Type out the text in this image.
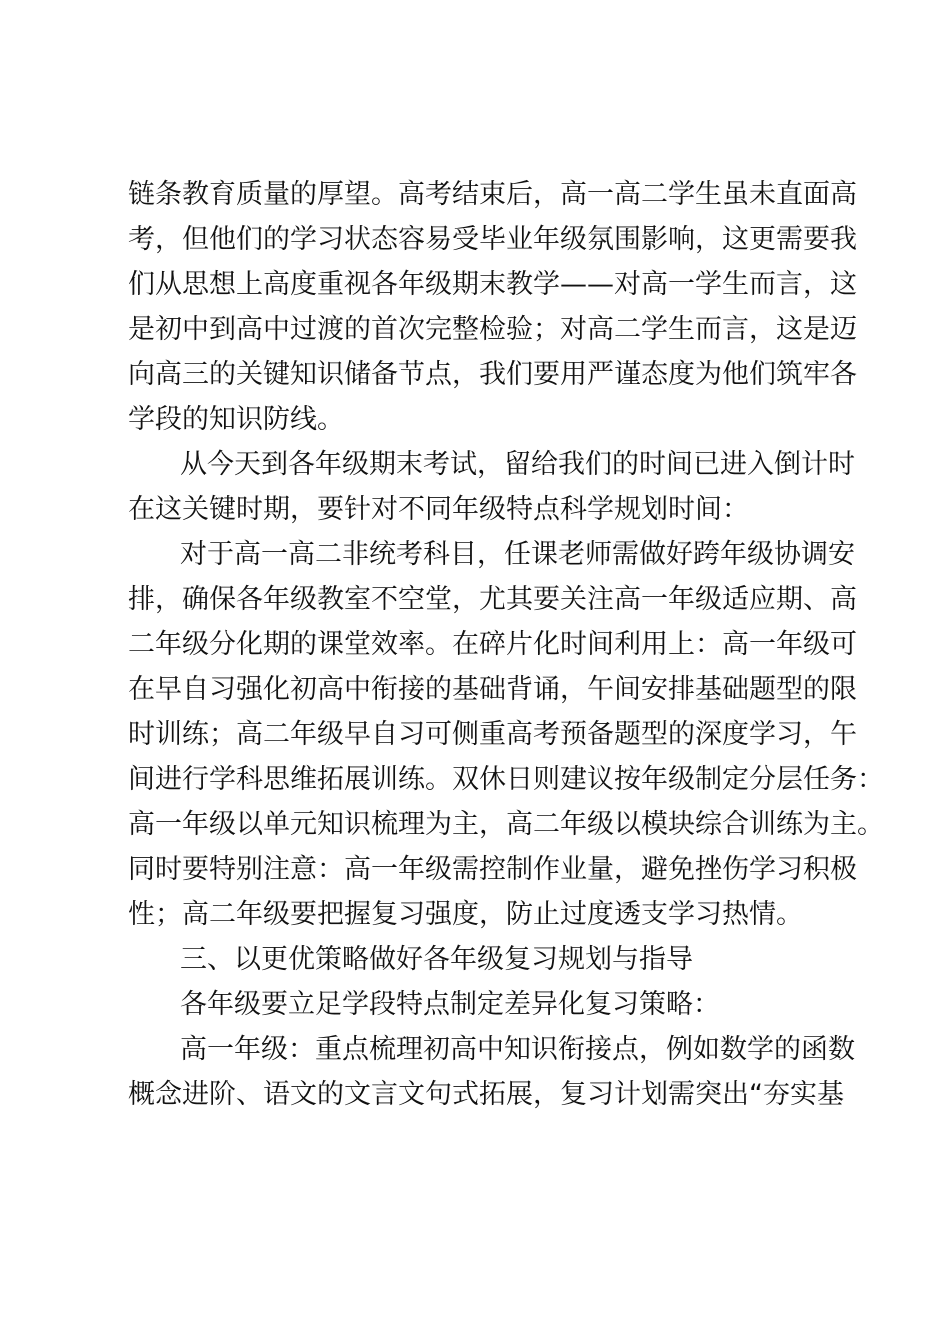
链条教育质量的厚望。高考结束后，高一高二学生虽未直面高
考，但他们的学习状态容易受毕业年级氛围影响，这更需要我
们从思想上高度重视各年级期末教学——对高一学生而言，这
是初中到高中过渡的首次完整检验；对高二学生而言，这是迈
向高三的关键知识储备节点，我们要用严谨态度为他们筑牢各
学段的知识防线。
从今天到各年级期末考试，留给我们的时间已进入倒计时
在这关键时期，要针对不同年级特点科学规划时间：
对于高一高二非统考科目，任课老师需做好跨年级协调安
排，确保各年级教室不空堂，尤其要关注高一年级适应期、高
二年级分化期的课堂效率。在碎片化时间利用上：高一年级可
在早自习强化初高中衔接的基础背诵，午间安排基础题型的限
时训练；高二年级早自习可侧重高考预备题型的深度学习，午
间进行学科思维拓展训练。双休日则建议按年级制定分层任务：
高一年级以单元知识梳理为主，高二年级以模块综合训练为主。
同时要特别注意：高一年级需控制作业量，避免挫伤学习积极
性；高二年级要把握复习强度，防止过度透支学习热情。
三、以更优策略做好各年级复习规划与指导
各年级要立足学段特点制定差异化复习策略：
高一年级：重点梳理初高中知识衔接点，例如数学的函数
概念进阶、语文的文言文句式拓展，复习计划需突出“夯实基
